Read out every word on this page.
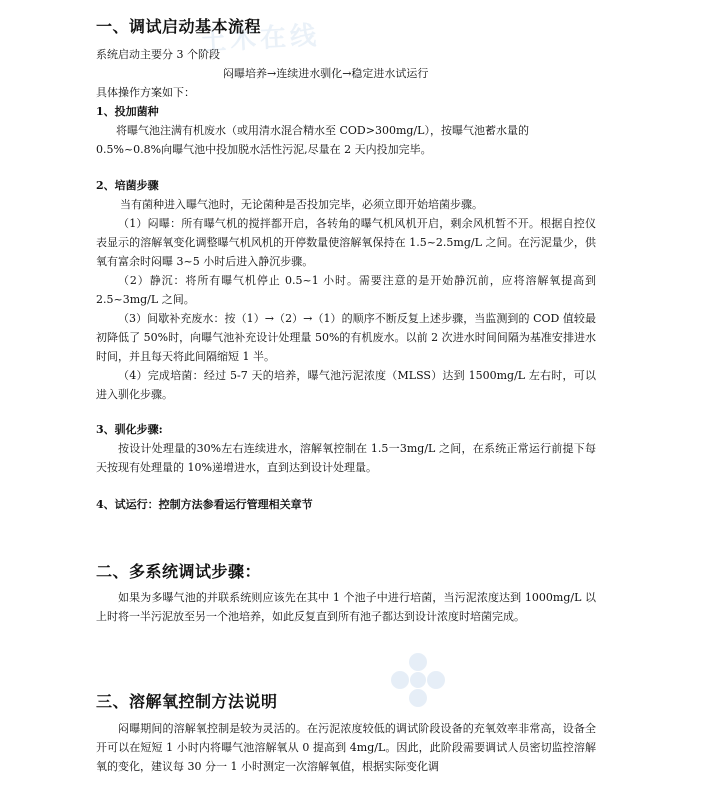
土木在线
一、调试启动基本流程
系统启动主要分 3 个阶段
闷曝培养→连续进水驯化→稳定进水试运行
具体操作方案如下：
1、投加菌种
将曝气池注满有机废水（或用清水混合精水至 COD>300mg/L），按曝气池蓄水量的
0.5%~0.8%向曝气池中投加脱水活性污泥,尽量在 2 天内投加完毕。
2、培菌步骤
当有菌种进入曝气池时，无论菌种是否投加完毕，必须立即开始培菌步骤。
（1）闷曝：所有曝气机的搅拌都开启，各转角的曝气机风机开启，剩余风机暂不开。根据自控仪表显示的溶解氧变化调整曝气机风机的开停数量使溶解氧保持在 1.5~2.5mg/L 之间。在污泥量少，供氧有富余时闷曝 3~5 小时后进入静沉步骤。
（2）静沉：将所有曝气机停止 0.5~1 小时。需要注意的是开始静沉前，应将溶解氧提高到 2.5~3mg/L 之间。
（3）间歇补充废水：按（1）→（2）→（1）的顺序不断反复上述步骤，当监测到的 COD 值较最初降低了 50%时，向曝气池补充设计处理量 50%的有机废水。以前 2 次进水时间间隔为基准安排进水时间，并且每天将此间隔缩短 1 半。
（4）完成培菌：经过 5-7 天的培养，曝气池污泥浓度（MLSS）达到 1500mg/L 左右时，可以进入驯化步骤。
3、驯化步骤:
按设计处理量的30%左右连续进水，溶解氧控制在 1.5一3mg/L 之间，在系统正常运行前提下每天按现有处理量的 10%递增进水，直到达到设计处理量。
4、试运行：控制方法参看运行管理相关章节
二、多系统调试步骤：
如果为多曝气池的并联系统则应该先在其中 1 个池子中进行培菌，当污泥浓度达到 1000mg/L 以上时将一半污泥放至另一个池培养，如此反复直到所有池子都达到设计浓度时培菌完成。
三、溶解氧控制方法说明
闷曝期间的溶解氧控制是较为灵活的。在污泥浓度较低的调试阶段设备的充氧效率非常高，设备全开可以在短短 1 小时内将曝气池溶解氧从 0 提高到 4mg/L。因此，此阶段需要调试人员密切监控溶解氧的变化，建议每 30 分一 1 小时测定一次溶解氧值，根据实际变化调
